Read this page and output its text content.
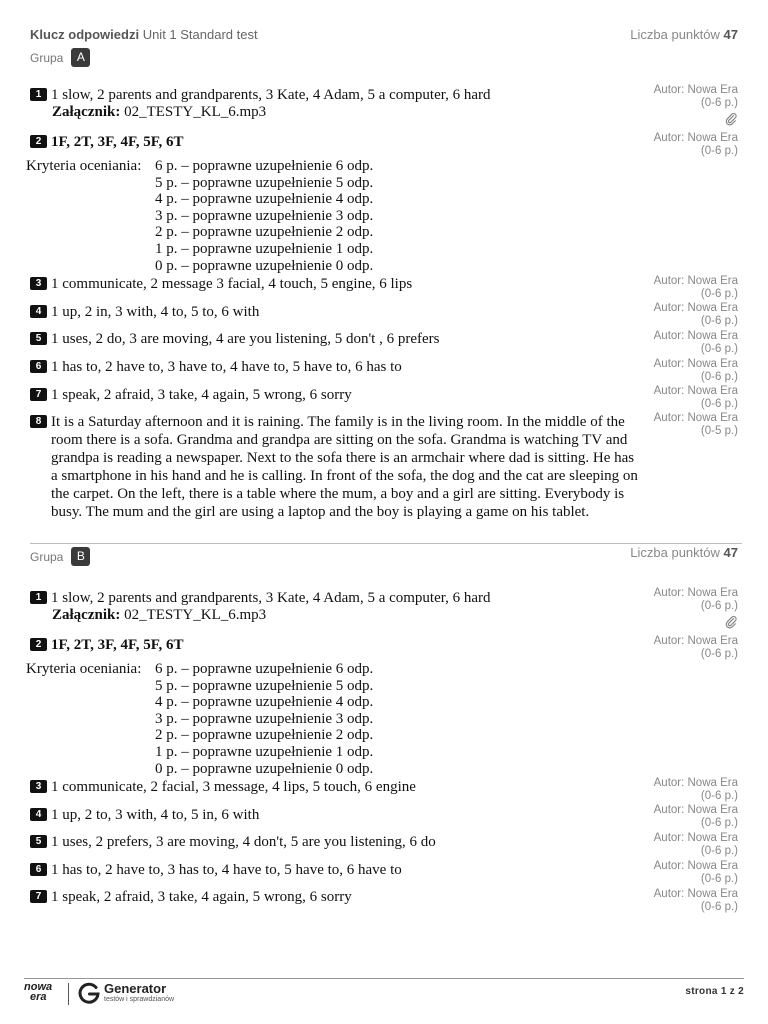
Klucz odpowiedzi Unit 1 Standard test	Liczba punktów 47
Grupa	A
1 1 slow, 2 parents and grandparents, 3 Kate, 4 Adam, 5 a computer, 6 hard
Załącznik: 02_TESTY_KL_6.mp3
Autor: Nowa Era
(0-6 p.)
2 1F, 2T, 3F, 4F, 5F, 6T	Autor: Nowa Era
(0-6 p.)
Kryteria oceniania: 6 p. – poprawne uzupełnienie 6 odp.
5 p. – poprawne uzupełnienie 5 odp.
4 p. – poprawne uzupełnienie 4 odp.
3 p. – poprawne uzupełnienie 3 odp.
2 p. – poprawne uzupełnienie 2 odp.
1 p. – poprawne uzupełnienie 1 odp.
0 p. – poprawne uzupełnienie 0 odp.
3 1 communicate, 2 message 3 facial, 4 touch, 5 engine, 6 lips	Autor: Nowa Era
(0-6 p.)
4 1 up, 2 in, 3 with, 4 to, 5 to, 6 with	Autor: Nowa Era
(0-6 p.)
5 1 uses, 2 do, 3 are moving, 4 are you listening, 5 don't , 6 prefers	Autor: Nowa Era
(0-6 p.)
6 1 has to, 2 have to, 3 have to, 4 have to, 5 have to, 6 has to	Autor: Nowa Era
(0-6 p.)
7 1 speak, 2 afraid, 3 take, 4 again, 5 wrong, 6 sorry	Autor: Nowa Era
(0-6 p.)
8 It is a Saturday afternoon and it is raining. The family is in the living room. In the middle of the room there is a sofa. Grandma and grandpa are sitting on the sofa. Grandma is watching TV and grandpa is reading a newspaper. Next to the sofa there is an armchair where dad is sitting. He has a smartphone in his hand and he is calling. In front of the sofa, the dog and the cat are sleeping on the carpet. On the left, there is a table where the mum, a boy and a girl are sitting. Everybody is busy. The mum and the girl are using a laptop and the boy is playing a game on his tablet.
Autor: Nowa Era
(0-5 p.)
Grupa	B	Liczba punktów 47
1 1 slow, 2 parents and grandparents, 3 Kate, 4 Adam, 5 a computer, 6 hard
Załącznik: 02_TESTY_KL_6.mp3
Autor: Nowa Era
(0-6 p.)
2 1F, 2T, 3F, 4F, 5F, 6T	Autor: Nowa Era
(0-6 p.)
Kryteria oceniania: 6 p. – poprawne uzupełnienie 6 odp.
5 p. – poprawne uzupełnienie 5 odp.
4 p. – poprawne uzupełnienie 4 odp.
3 p. – poprawne uzupełnienie 3 odp.
2 p. – poprawne uzupełnienie 2 odp.
1 p. – poprawne uzupełnienie 1 odp.
0 p. – poprawne uzupełnienie 0 odp.
3 1 communicate, 2 facial, 3 message, 4 lips, 5 touch, 6 engine	Autor: Nowa Era
(0-6 p.)
4 1 up, 2 to, 3 with, 4 to, 5 in, 6 with	Autor: Nowa Era
(0-6 p.)
5 1 uses, 2 prefers, 3 are moving, 4 don't, 5 are you listening, 6 do	Autor: Nowa Era
(0-6 p.)
6 1 has to, 2 have to, 3 has to, 4 have to, 5 have to, 6 have to	Autor: Nowa Era
(0-6 p.)
7 1 speak, 2 afraid, 3 take, 4 again, 5 wrong, 6 sorry	Autor: Nowa Era
(0-6 p.)
nowa
era
Generator
testów i sprawdzianów
strona 1 z 2
